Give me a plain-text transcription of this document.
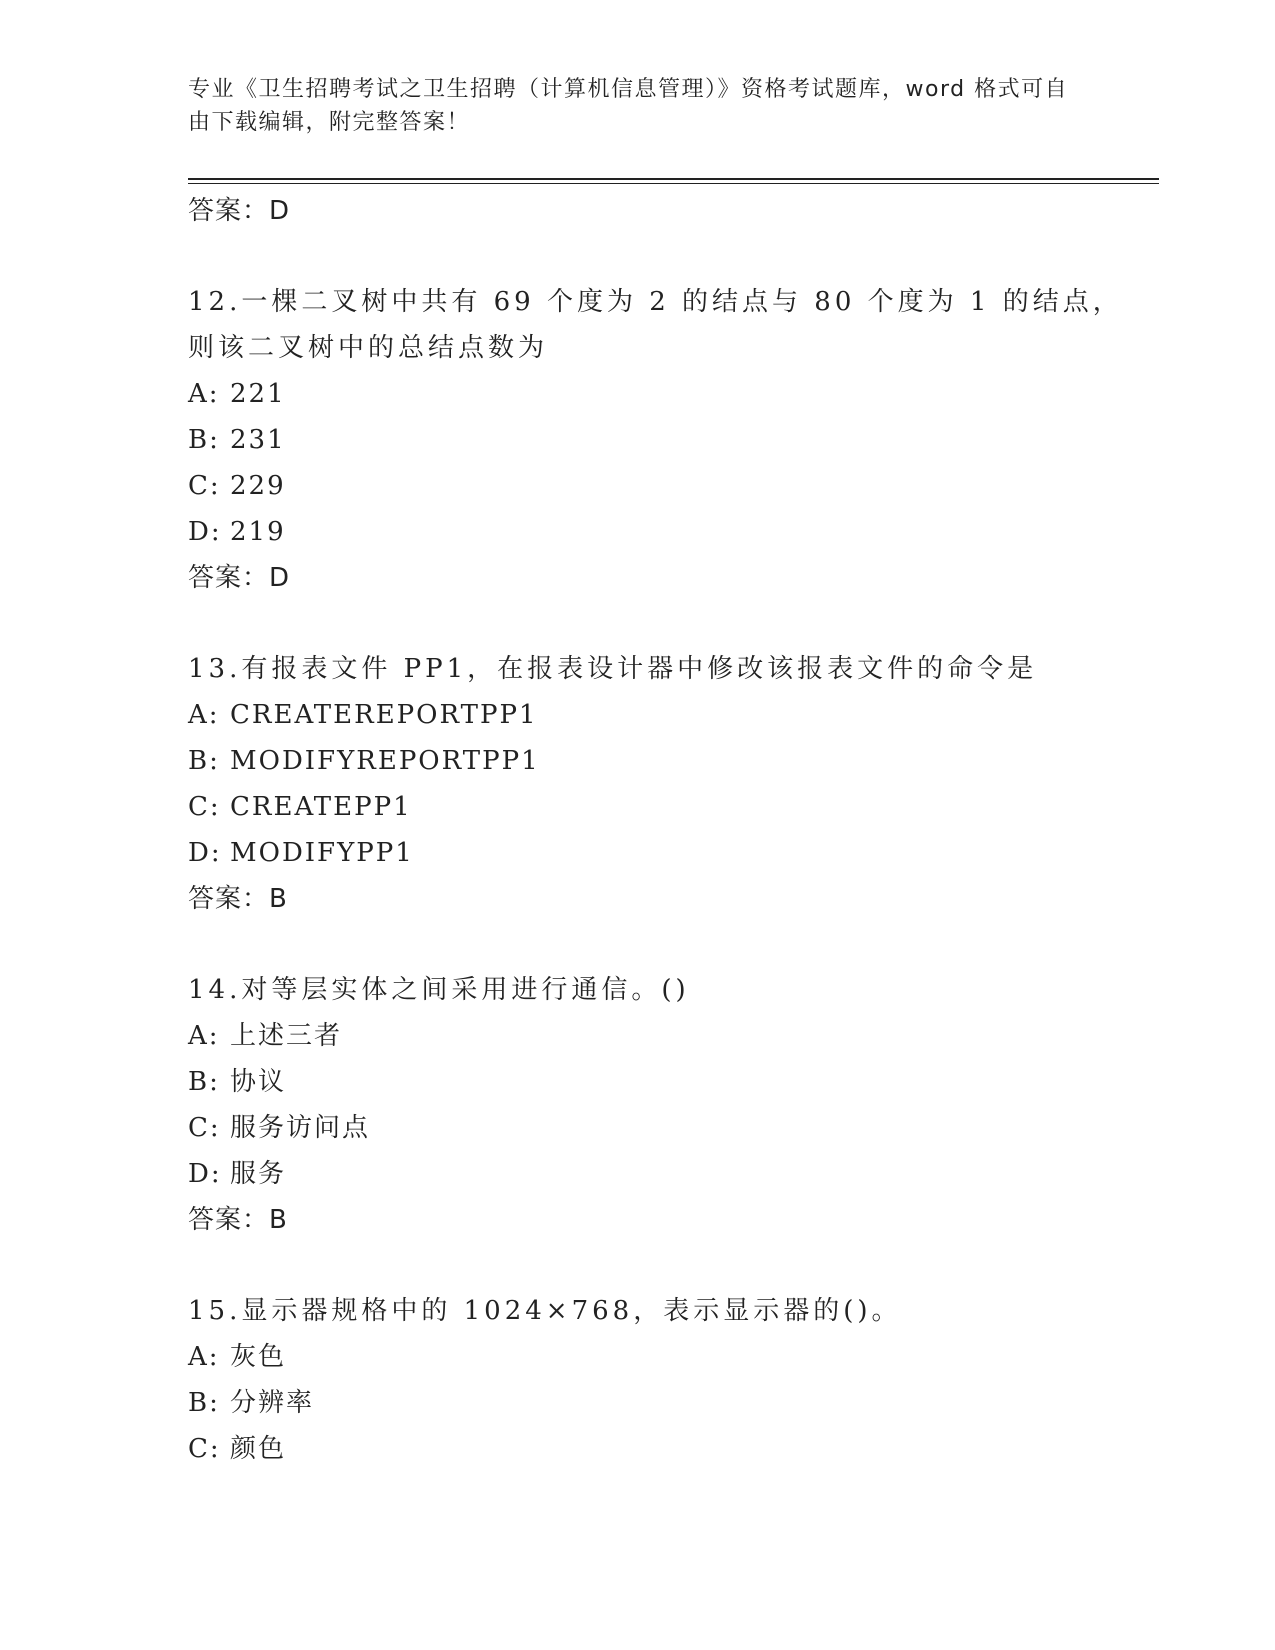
专业《卫生招聘考试之卫生招聘（计算机信息管理）》资格考试题库，word 格式可自由下载编辑，附完整答案！
答案：D
12.一棵二叉树中共有 69 个度为 2 的结点与 80 个度为 1 的结点，则该二叉树中的总结点数为
A: 221
B: 231
C: 229
D: 219
答案：D
13.有报表文件 PP1，在报表设计器中修改该报表文件的命令是
A: CREATEREPORTPP1
B: MODIFYREPORTPP1
C: CREATEPP1
D: MODIFYPP1
答案：B
14.对等层实体之间采用进行通信。()
A: 上述三者
B: 协议
C: 服务访问点
D: 服务
答案：B
15.显示器规格中的 1024×768，表示显示器的()。
A: 灰色
B: 分辨率
C: 颜色
